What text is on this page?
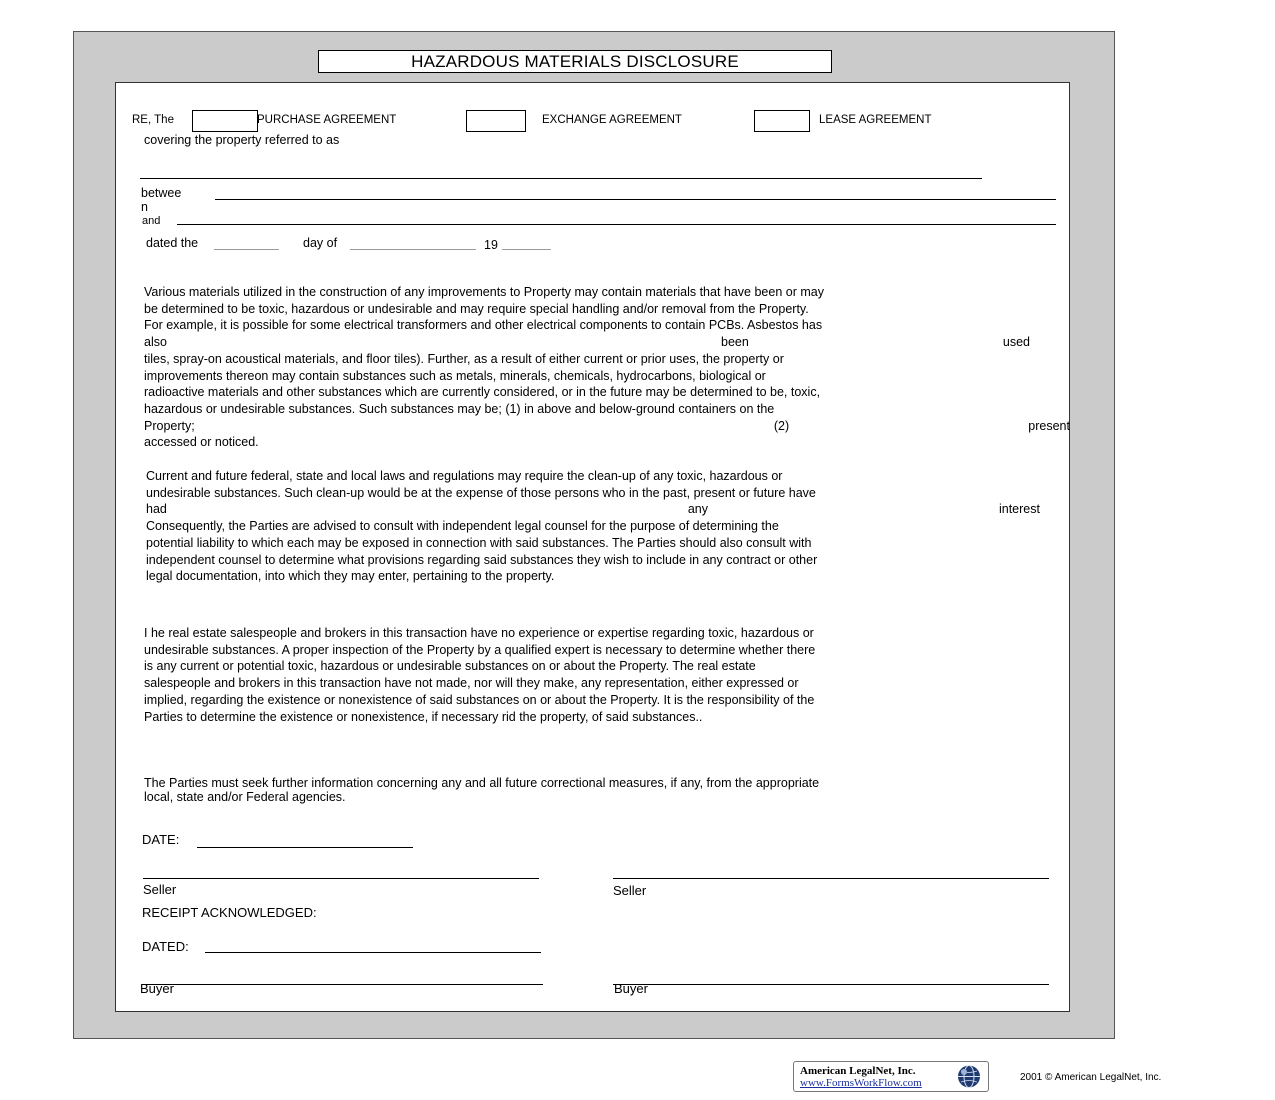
HAZARDOUS MATERIALS DISCLOSURE
RE, The	PURCHASE AGREEMENT	EXCHANGE AGREEMENT	LEASE AGREEMENT
covering the property referred to as
betwee
n
and
dated the	day of	19
Various materials utilized in the construction of any improvements to Property may contain materials that have been or may
be determined to be toxic, hazardous or undesirable and may require special handling and/or removal from the Property.
For example, it is possible for some electrical transformers and other electrical components to contain PCBs. Asbestos has
also	been	used
tiles, spray-on acoustical materials, and floor tiles). Further, as a result of either current or prior uses, the property or
improvements thereon may contain substances such as metals, minerals, chemicals, hydrocarbons, biological or
radioactive materials and other substances which are currently considered, or in the future may be determined to be, toxic,
hazardous or undesirable substances. Such substances may be; (1) in above and below-ground containers on the
Property;	(2)	present
accessed or noticed.
Current and future federal, state and local laws and regulations may require the clean-up of any toxic, hazardous or
undesirable substances. Such clean-up would be at the expense of those persons who in the past, present or future have
had	any	interest
Consequently, the Parties are advised to consult with independent legal counsel for the purpose of determining the
potential liability to which each may be exposed in connection with said substances. The Parties should also consult with
independent counsel to determine what provisions regarding said substances they wish to include in any contract or other
legal documentation, into which they may enter, pertaining to the property.
I he real estate salespeople and brokers in this transaction have no experience or expertise regarding toxic, hazardous or
undesirable substances. A proper inspection of the Property by a qualified expert is necessary to determine whether there
is any current or potential toxic, hazardous or undesirable substances on or about the Property. The real estate
salespeople and brokers in this transaction have not made, nor will they make, any representation, either expressed or
implied, regarding the existence or nonexistence of said substances on or about the Property. It is the responsibility of the
Parties to determine the existence or nonexistence, if necessary rid the property, of said substances..
The Parties must seek further information concerning any and all future correctional measures, if any, from the appropriate
local, state and/or Federal agencies.
DATE:
Seller	Seller
RECEIPT ACKNOWLEDGED:
DATED:
Buyer	Buyer
American LegalNet, Inc.
www.FormsWorkFlow.com	2001 © American LegalNet, Inc.
